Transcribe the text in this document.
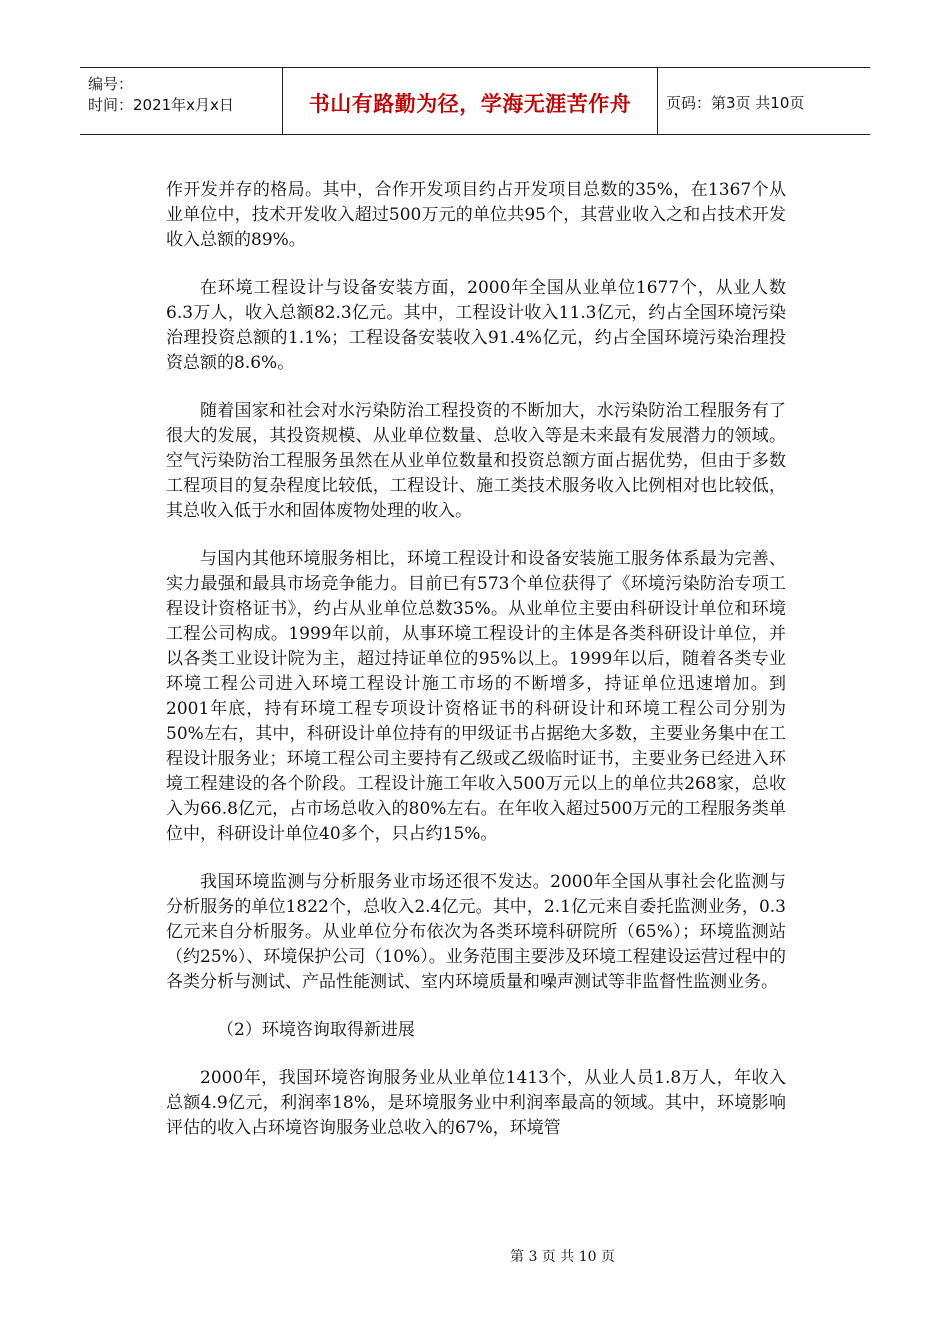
编号：
时间：2021年x月x日	书山有路勤为径，学海无涯苦作舟	页码：第3页 共10页

作开发并存的格局。其中，合作开发项目约占开发项目总数的35%，在1367个从业单位中，技术开发收入超过500万元的单位共95个，其营业收入之和占技术开发收入总额的89%。

在环境工程设计与设备安装方面，2000年全国从业单位1677个，从业人数6.3万人，收入总额82.3亿元。其中，工程设计收入11.3亿元，约占全国环境污染治理投资总额的1.1%；工程设备安装收入91.4%亿元，约占全国环境污染治理投资总额的8.6%。

随着国家和社会对水污染防治工程投资的不断加大，水污染防治工程服务有了很大的发展，其投资规模、从业单位数量、总收入等是未来最有发展潜力的领域。空气污染防治工程服务虽然在从业单位数量和投资总额方面占据优势，但由于多数工程项目的复杂程度比较低，工程设计、施工类技术服务收入比例相对也比较低，其总收入低于水和固体废物处理的收入。

与国内其他环境服务相比，环境工程设计和设备安装施工服务体系最为完善、实力最强和最具市场竞争能力。目前已有573个单位获得了《环境污染防治专项工程设计资格证书》，约占从业单位总数35%。从业单位主要由科研设计单位和环境工程公司构成。1999年以前，从事环境工程设计的主体是各类科研设计单位，并以各类工业设计院为主，超过持证单位的95%以上。1999年以后，随着各类专业环境工程公司进入环境工程设计施工市场的不断增多，持证单位迅速增加。到2001年底，持有环境工程专项设计资格证书的科研设计和环境工程公司分别为50%左右，其中，科研设计单位持有的甲级证书占据绝大多数，主要业务集中在工程设计服务业；环境工程公司主要持有乙级或乙级临时证书，主要业务已经进入环境工程建设的各个阶段。工程设计施工年收入500万元以上的单位共268家，总收入为66.8亿元，占市场总收入的80%左右。在年收入超过500万元的工程服务类单位中，科研设计单位40多个，只占约15%。

我国环境监测与分析服务业市场还很不发达。2000年全国从事社会化监测与分析服务的单位1822个，总收入2.4亿元。其中，2.1亿元来自委托监测业务，0.3亿元来自分析服务。从业单位分布依次为各类环境科研院所（65%）；环境监测站（约25%）、环境保护公司（10%）。业务范围主要涉及环境工程建设运营过程中的各类分析与测试、产品性能测试、室内环境质量和噪声测试等非监督性监测业务。

（2）环境咨询取得新进展

2000年，我国环境咨询服务业从业单位1413个，从业人员1.8万人，年收入总额4.9亿元，利润率18%，是环境服务业中利润率最高的领域。其中，环境影响评估的收入占环境咨询服务业总收入的67%，环境管

第 3 页 共 10 页
